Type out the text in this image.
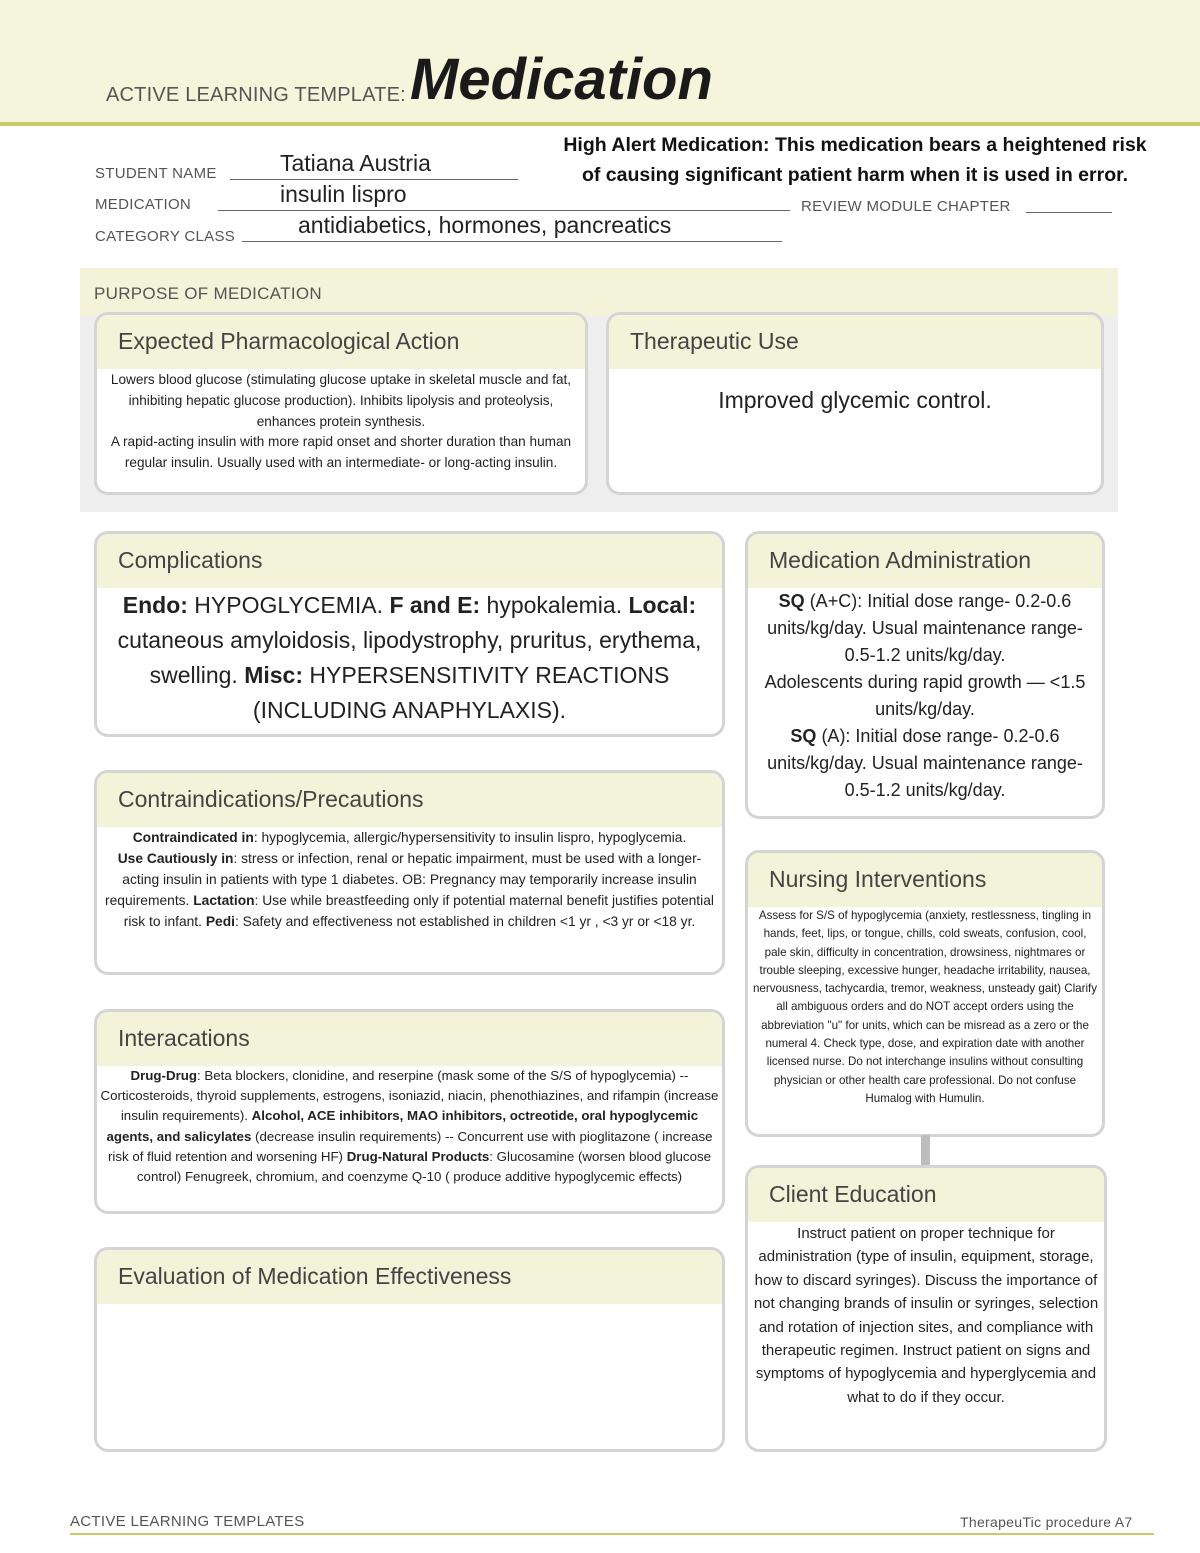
ACTIVE LEARNING TEMPLATE: Medication
STUDENT NAME	Tatiana Austria
MEDICATION	insulin lispro	REVIEW MODULE CHAPTER
CATEGORY CLASS	antidiabetics, hormones, pancreatics
High Alert Medication: This medication bears a heightened risk
of causing significant patient harm when it is used in error.
PURPOSE OF MEDICATION
Expected Pharmacological Action
Lowers blood glucose (stimulating glucose uptake in skeletal muscle and fat, inhibiting hepatic glucose production). Inhibits lipolysis and proteolysis, enhances protein synthesis.
A rapid-acting insulin with more rapid onset and shorter duration than human regular insulin. Usually used with an intermediate- or long-acting insulin.
Therapeutic Use
Improved glycemic control.
Complications
Endo: HYPOGLYCEMIA. F and E: hypokalemia. Local: cutaneous amyloidosis, lipodystrophy, pruritus, erythema, swelling. Misc: HYPERSENSITIVITY REACTIONS (INCLUDING ANAPHYLAXIS).
Medication Administration
SQ (A+C): Initial dose range- 0.2-0.6 units/kg/day. Usual maintenance range-0.5-1.2 units/kg/day.
Adolescents during rapid growth — <1.5 units/kg/day.
SQ (A): Initial dose range- 0.2-0.6 units/kg/day. Usual maintenance range-0.5-1.2 units/kg/day.
Contraindications/Precautions
Contraindicated in: hypoglycemia, allergic/hypersensitivity to insulin lispro, hypoglycemia.
Use Cautiously in: stress or infection, renal or hepatic impairment, must be used with a longer-acting insulin in patients with type 1 diabetes. OB: Pregnancy may temporarily increase insulin requirements. Lactation: Use while breastfeeding only if potential maternal benefit justifies potential risk to infant. Pedi: Safety and effectiveness not established in children <1 yr , <3 yr or <18 yr.
Nursing Interventions
Assess for S/S of hypoglycemia (anxiety, restlessness, tingling in hands, feet, lips, or tongue, chills, cold sweats, confusion, cool, pale skin, difficulty in concentration, drowsiness, nightmares or trouble sleeping, excessive hunger, headache irritability, nausea, nervousness, tachycardia, tremor, weakness, unsteady gait) Clarify all ambiguous orders and do NOT accept orders using the abbreviation "u" for units, which can be misread as a zero or the numeral 4. Check type, dose, and expiration date with another licensed nurse. Do not interchange insulins without consulting physician or other health care professional. Do not confuse Humalog with Humulin.
Interacations
Drug-Drug: Beta blockers, clonidine, and reserpine (mask some of the S/S of hypoglycemia) -- Corticosteroids, thyroid supplements, estrogens, isoniazid, niacin, phenothiazines, and rifampin (increase insulin requirements). Alcohol, ACE inhibitors, MAO inhibitors, octreotide, oral hypoglycemic agents, and salicylates (decrease insulin requirements) -- Concurrent use with pioglitazone ( increase risk of fluid retention and worsening HF) Drug-Natural Products: Glucosamine (worsen blood glucose control) Fenugreek, chromium, and coenzyme Q-10 ( produce additive hypoglycemic effects)
Client Education
Instruct patient on proper technique for administration (type of insulin, equipment, storage, how to discard syringes). Discuss the importance of not changing brands of insulin or syringes, selection and rotation of injection sites, and compliance with therapeutic regimen. Instruct patient on signs and symptoms of hypoglycemia and hyperglycemia and what to do if they occur.
Evaluation of Medication Effectiveness
ACTIVE LEARNING TEMPLATES	TherapeuTic procedure A7
